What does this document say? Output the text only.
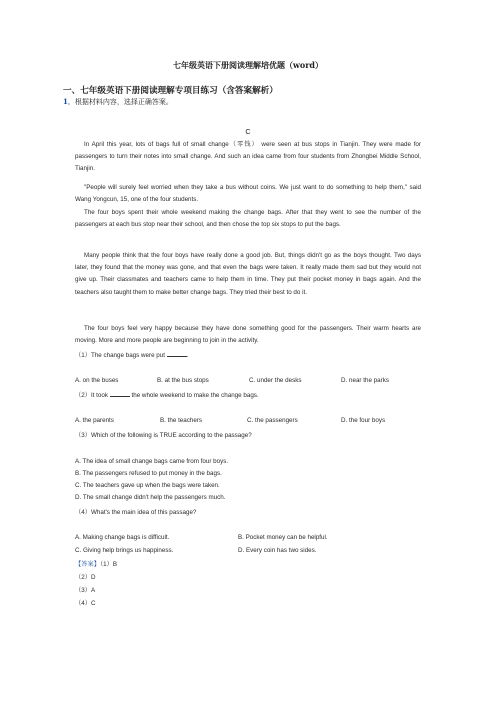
七年级英语下册阅读理解培优题（word）
一、七年级英语下册阅读理解专项目练习（含答案解析）
1．根据材料内容，选择正确答案。
C

In April this year, lots of bags full of small change（零钱） were seen at bus stops in Tianjin. They were made for passengers to turn their notes into small change. And such an idea came from four students from Zhongbei Middle School, Tianjin.

"People will surely feel worried when they take a bus without coins. We just want to do something to help them," said Wang Yongcun, 15, one of the four students.

The four boys spent their whole weekend making the change bags. After that they went to see the number of the passengers at each bus stop near their school, and then chose the top six stops to put the bags.

Many people think that the four boys have really done a good job. But, things didn't go as the boys thought. Two days later, they found that the money was gone, and that even the bags were taken. It really made them sad but they would not give up. Their classmates and teachers came to help them in time. They put their pocket money in bags again. And the teachers also taught them to make better change bags. They tried their best to do it.

The four boys feel very happy because they have done something good for the passengers. Their warm hearts are moving. More and more people are beginning to join in the activity.

（1）The change bags were put	.
A. on the buses	B. at the bus stops	C. under the desks	D. near the parks
（2）It took	the whole weekend to make the change bags.
A. the parents	B. the teachers	C. the passengers	D. the four boys
（3）Which of the following is TRUE according to the passage?
A. The idea of small change bags came from four boys.
B. The passengers refused to put money in the bags.
C. The teachers gave up when the bags were taken.
D. The small change didn't help the passengers much.
（4）What's the main idea of this passage?
A. Making change bags is difficult.	B. Pocket money can be helpful.
C. Giving help brings us happiness.	D. Every coin has two sides.
【答案】（1）B
（2）D
（3）A
（4）C
